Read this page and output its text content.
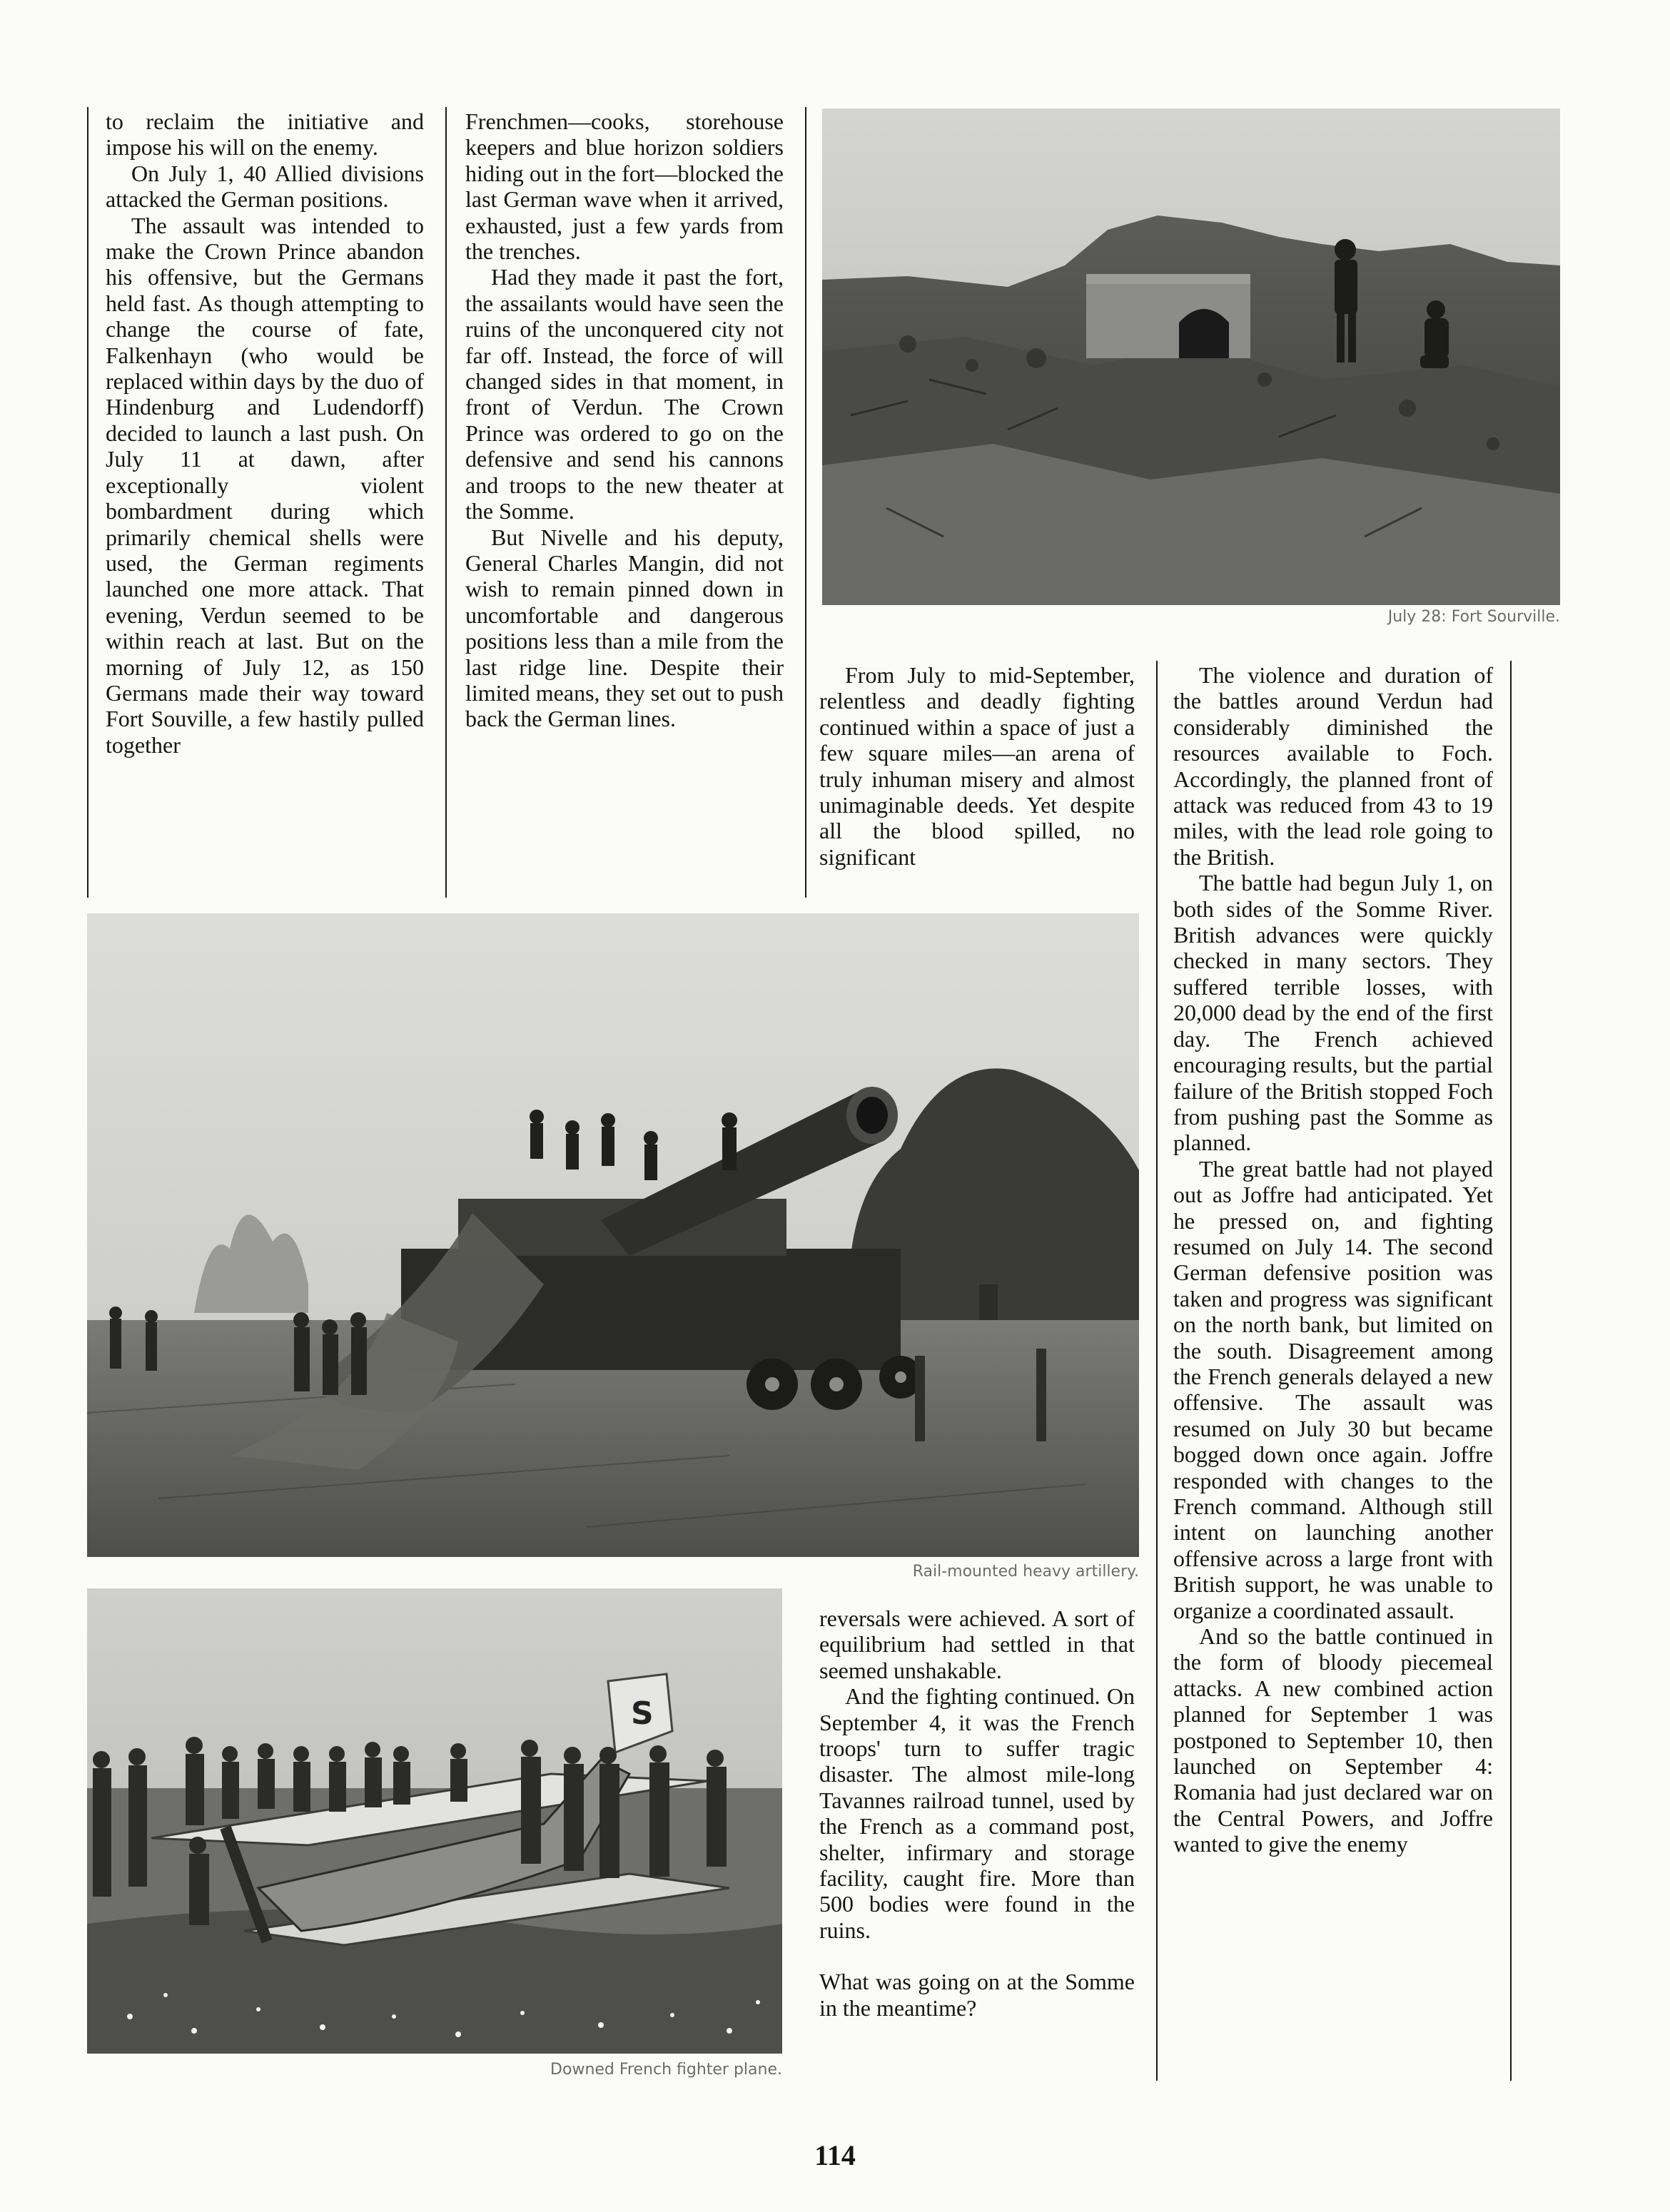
to reclaim the initiative and impose his will on the enemy.

On July 1, 40 Allied divisions attacked the German positions.

The assault was intended to make the Crown Prince abandon his offensive, but the Germans held fast. As though attempting to change the course of fate, Falkenhayn (who would be replaced within days by the duo of Hindenburg and Ludendorff) decided to launch a last push. On July 11 at dawn, after exceptionally violent bombardment during which primarily chemical shells were used, the German regiments launched one more attack. That evening, Verdun seemed to be within reach at last. But on the morning of July 12, as 150 Germans made their way toward Fort Souville, a few hastily pulled together

Frenchmen—cooks, storehouse keepers and blue horizon soldiers hiding out in the fort—blocked the last German wave when it arrived, exhausted, just a few yards from the trenches.

Had they made it past the fort, the assailants would have seen the ruins of the unconquered city not far off. Instead, the force of will changed sides in that moment, in front of Verdun. The Crown Prince was ordered to go on the defensive and send his cannons and troops to the new theater at the Somme.

But Nivelle and his deputy, General Charles Mangin, did not wish to remain pinned down in uncomfortable and dangerous positions less than a mile from the last ridge line. Despite their limited means, they set out to push back the German lines.

July 28: Fort Sourville.

From July to mid-September, relentless and deadly fighting continued within a space of just a few square miles—an arena of truly inhuman misery and almost unimaginable deeds. Yet despite all the blood spilled, no significant

The violence and duration of the battles around Verdun had considerably diminished the resources available to Foch. Accordingly, the planned front of attack was reduced from 43 to 19 miles, with the lead role going to the British.

The battle had begun July 1, on both sides of the Somme River. British advances were quickly checked in many sectors. They suffered terrible losses, with 20,000 dead by the end of the first day. The French achieved encouraging results, but the partial failure of the British stopped Foch from pushing past the Somme as planned.

The great battle had not played out as Joffre had anticipated. Yet he pressed on, and fighting resumed on July 14. The second German defensive position was taken and progress was significant on the north bank, but limited on the south. Disagreement among the French generals delayed a new offensive. The assault was resumed on July 30 but became bogged down once again. Joffre responded with changes to the French command. Although still intent on launching another offensive across a large front with British support, he was unable to organize a coordinated assault.

And so the battle continued in the form of bloody piecemeal attacks. A new combined action planned for September 1 was postponed to September 10, then launched on September 4: Romania had just declared war on the Central Powers, and Joffre wanted to give the enemy

Rail-mounted heavy artillery.
S
Downed French fighter plane.

reversals were achieved. A sort of equilibrium had settled in that seemed unshakable.

And the fighting continued. On September 4, it was the French troops' turn to suffer tragic disaster. The almost mile-long Tavannes railroad tunnel, used by the French as a command post, shelter, infirmary and storage facility, caught fire. More than 500 bodies were found in the ruins.

What was going on at the Somme in the meantime?

114
